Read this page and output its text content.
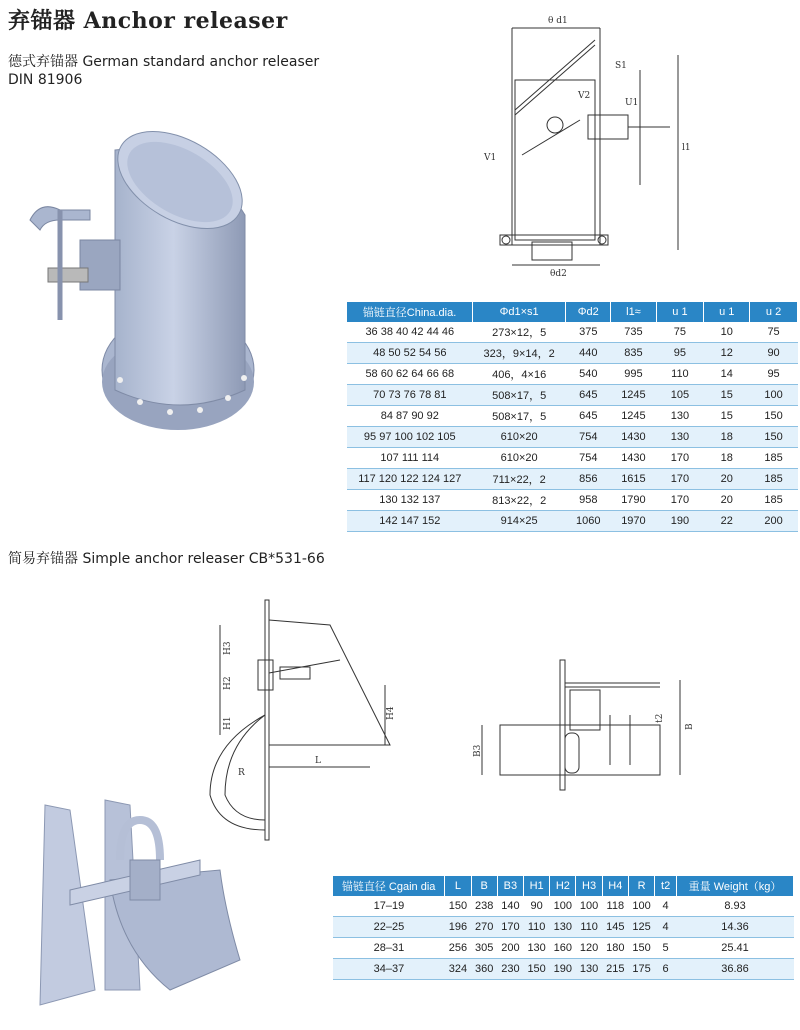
弃锚器 Anchor releaser
德式弃锚器 German standard anchor releaser
DIN 81906
简易弃锚器 Simple anchor releaser CB*531-66
θ d1
θd2
S1
V2
U1
V1
l1
锚链直径China.dia.	Φd1×s1	Φd2	l1≈	u 1	u 1	u 2
36 38 40 42 44 46	273×12，5	375	735	75	10	75
48 50 52 54 56	323，9×14，2	440	835	95	12	90
58 60 62 64 66 68	406，4×16	540	995	110	14	95
70 73 76 78 81	508×17，5	645	1245	105	15	100
84 87 90 92	508×17，5	645	1245	130	15	150
95 97 100 102 105	610×20	754	1430	130	18	150
107 111 114	610×20	754	1430	170	18	185
117 120 122 124 127	711×22，2	856	1615	170	20	185
130 132 137	813×22，2	958	1790	170	20	185
142 147 152	914×25	1060	1970	190	22	200
H3
H2
H1
H4
L
R
t2
B
B3
锚链直径 Cgain dia	L	B	B3	H1	H2	H3	H4	R	t2	重量 Weight（kg）
17–19	150	238	140	90	100	100	118	100	4	8.93
22–25	196	270	170	110	130	110	145	125	4	14.36
28–31	256	305	200	130	160	120	180	150	5	25.41
34–37	324	360	230	150	190	130	215	175	6	36.86
